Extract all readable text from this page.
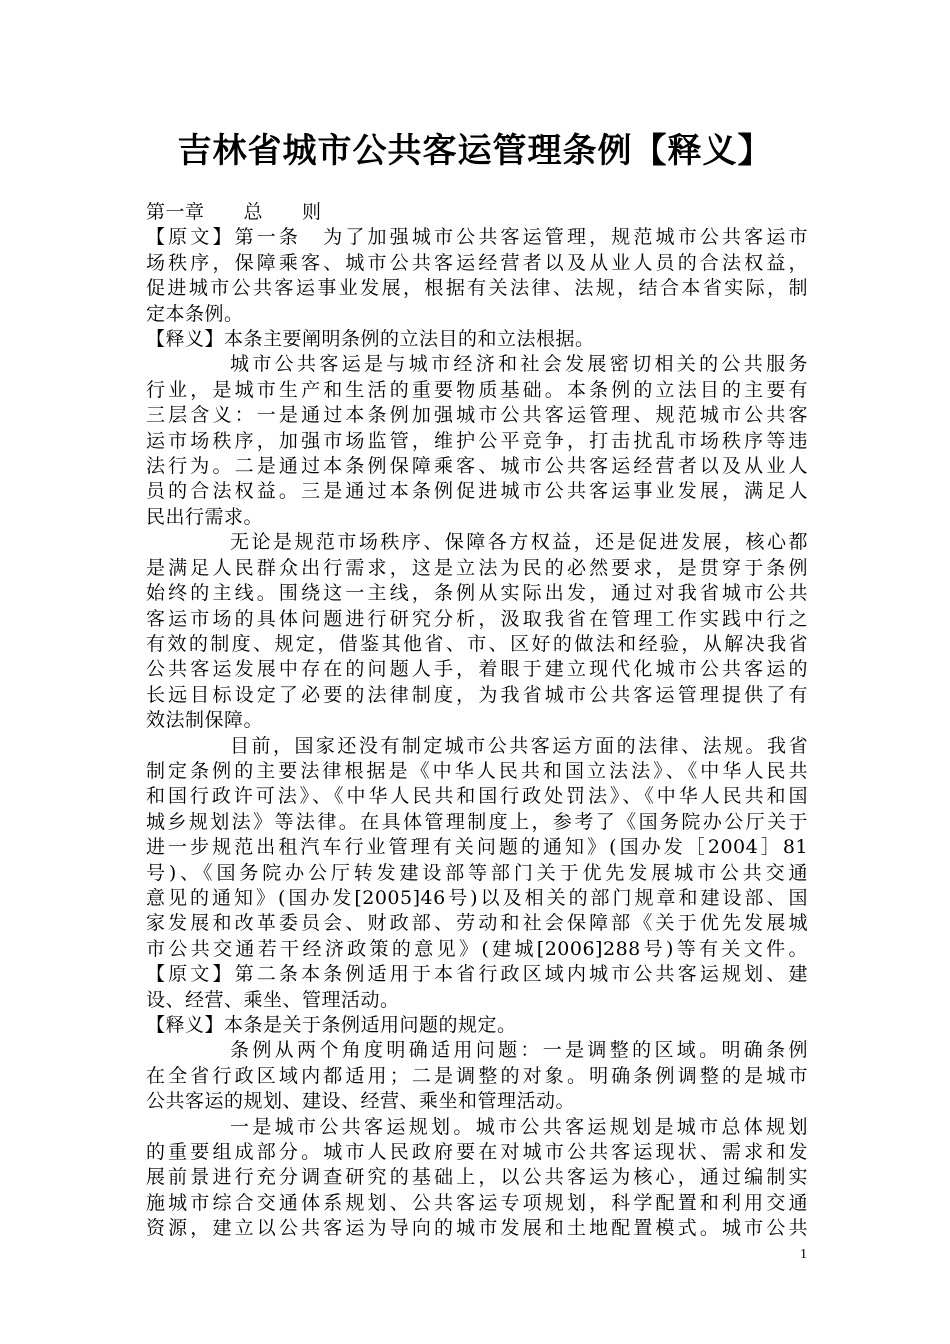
吉林省城市公共客运管理条例【释义】
第一章　　总　　则
【原文】第一条　为了加强城市公共客运管理，规范城市公共客运市
场秩序，保障乘客、城市公共客运经营者以及从业人员的合法权益，
促进城市公共客运事业发展，根据有关法律、法规，结合本省实际，制
定本条例。
【释义】本条主要阐明条例的立法目的和立法根据。
城市公共客运是与城市经济和社会发展密切相关的公共服务
行业，是城市生产和生活的重要物质基础。本条例的立法目的主要有
三层含义：一是通过本条例加强城市公共客运管理、规范城市公共客
运市场秩序，加强市场监管，维护公平竞争，打击扰乱市场秩序等违
法行为。二是通过本条例保障乘客、城市公共客运经营者以及从业人
员的合法权益。三是通过本条例促进城市公共客运事业发展，满足人
民出行需求。
无论是规范市场秩序、保障各方权益，还是促进发展，核心都
是满足人民群众出行需求，这是立法为民的必然要求，是贯穿于条例
始终的主线。围绕这一主线，条例从实际出发，通过对我省城市公共
客运市场的具体问题进行研究分析，汲取我省在管理工作实践中行之
有效的制度、规定，借鉴其他省、市、区好的做法和经验，从解决我省
公共客运发展中存在的问题人手，着眼于建立现代化城市公共客运的
长远目标设定了必要的法律制度，为我省城市公共客运管理提供了有
效法制保障。
目前，国家还没有制定城市公共客运方面的法律、法规。我省
制定条例的主要法律根据是《中华人民共和国立法法》、《中华人民共
和国行政许可法》、《中华人民共和国行政处罚法》、《中华人民共和国
城乡规划法》等法律。在具体管理制度上，参考了《国务院办公厅关于
进一步规范出租汽车行业管理有关问题的通知》(国办发［2004］81
号)、《国务院办公厅转发建设部等部门关于优先发展城市公共交通
意见的通知》(国办发[2005]46号)以及相关的部门规章和建设部、国
家发展和改革委员会、财政部、劳动和社会保障部《关于优先发展城
市公共交通若干经济政策的意见》(建城[2006]288号)等有关文件。
【原文】第二条本条例适用于本省行政区域内城市公共客运规划、建
设、经营、乘坐、管理活动。
【释义】本条是关于条例适用问题的规定。
条例从两个角度明确适用问题：一是调整的区域。明确条例
在全省行政区域内都适用；二是调整的对象。明确条例调整的是城市
公共客运的规划、建设、经营、乘坐和管理活动。
一是城市公共客运规划。城市公共客运规划是城市总体规划
的重要组成部分。城市人民政府要在对城市公共客运现状、需求和发
展前景进行充分调查研究的基础上，以公共客运为核心，通过编制实
施城市综合交通体系规划、公共客运专项规划，科学配置和利用交通
资源，建立以公共客运为导向的城市发展和土地配置模式。城市公共
1
